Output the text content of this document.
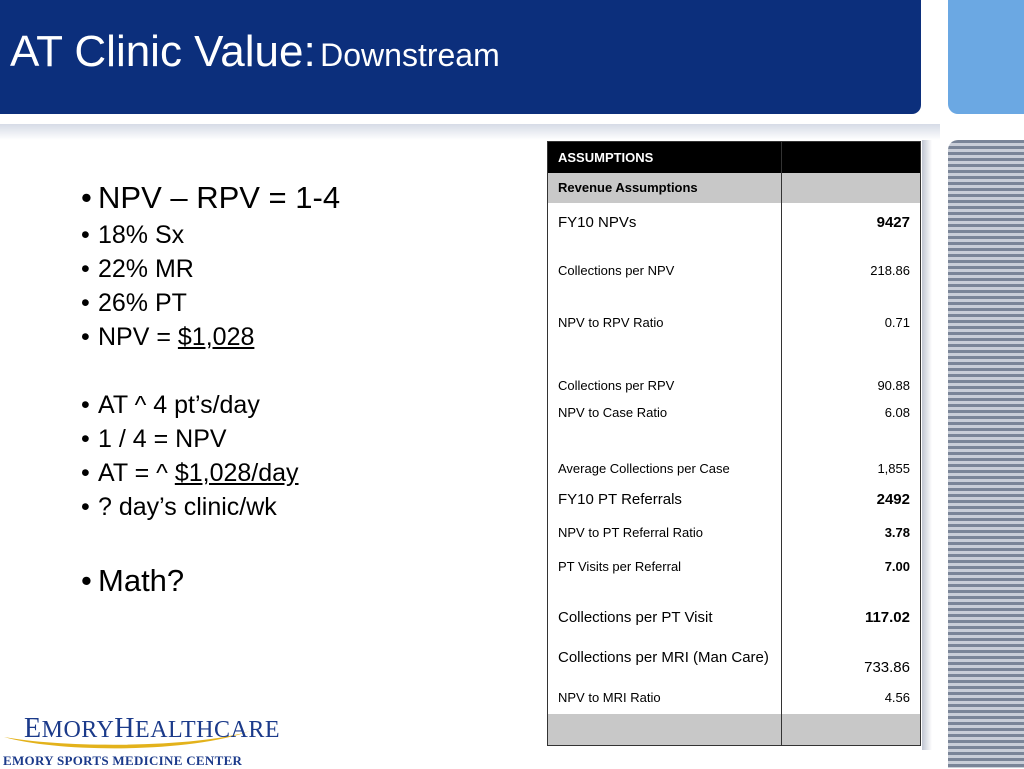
AT Clinic Value: Downstream
• NPV – RPV = 1-4
• 18% Sx
• 22% MR
• 26% PT
• NPV = $1,028
• AT ^ 4 pt’s/day
• 1 / 4 = NPV
• AT = ^ $1,028/day
• ? day’s clinic/wk
• Math?
ASSUMPTIONS	
Revenue Assumptions	
FY10 NPVs	9427
Collections per NPV	218.86
NPV to RPV Ratio	0.71
Collections per RPV	90.88
NPV to Case Ratio	6.08
Average Collections per Case	1,855
FY10 PT Referrals	2492
NPV to PT Referral Ratio	3.78
PT Visits per Referral	7.00
Collections per PT Visit	117.02
Collections per MRI (Man Care)	733.86
NPV to MRI Ratio	4.56

EMORYHEALTHCARE
EMORY SPORTS MEDICINE CENTER
